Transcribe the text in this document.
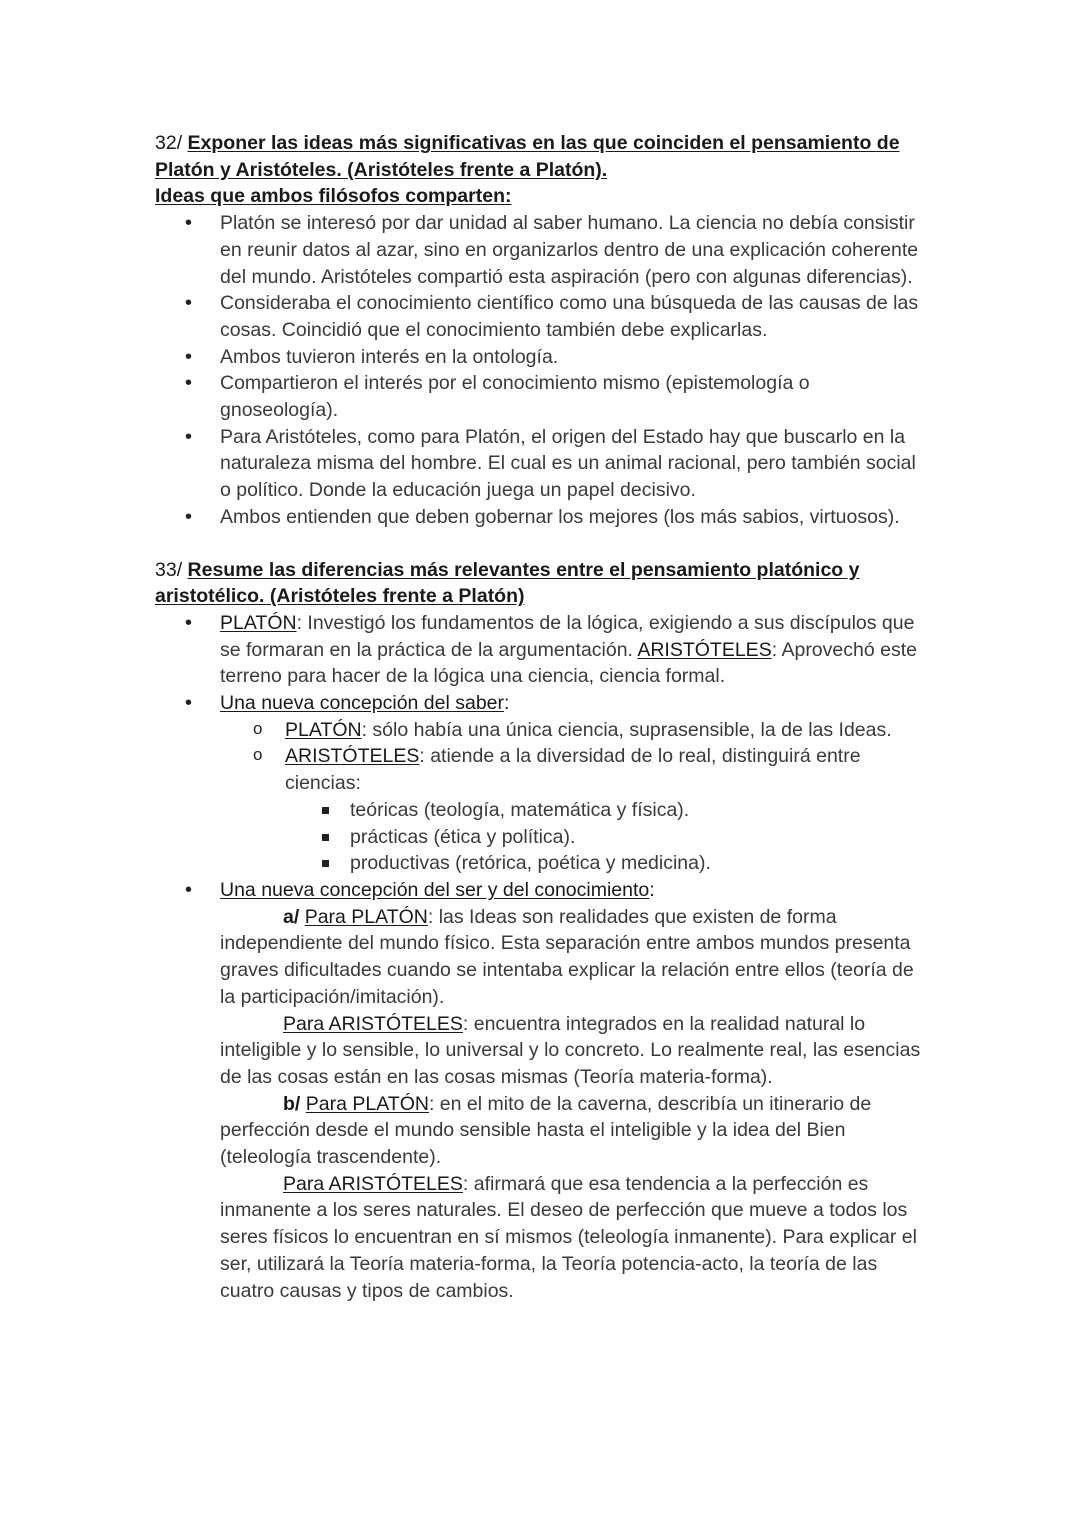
32/ Exponer las ideas más significativas en las que coinciden el pensamiento de Platón y Aristóteles. (Aristóteles frente a Platón).

Ideas que ambos filósofos comparten:

• Platón se interesó por dar unidad al saber humano. La ciencia no debía consistir en reunir datos al azar, sino en organizarlos dentro de una explicación coherente del mundo. Aristóteles compartió esta aspiración (pero con algunas diferencias).
• Consideraba el conocimiento científico como una búsqueda de las causas de las cosas. Coincidió que el conocimiento también debe explicarlas.
• Ambos tuvieron interés en la ontología.
• Compartieron el interés por el conocimiento mismo (epistemología o gnoseología).
• Para Aristóteles, como para Platón, el origen del Estado hay que buscarlo en la naturaleza misma del hombre. El cual es un animal racional, pero también social o político. Donde la educación juega un papel decisivo.
• Ambos entienden que deben gobernar los mejores (los más sabios, virtuosos).

33/ Resume las diferencias más relevantes entre el pensamiento platónico y aristotélico. (Aristóteles frente a Platón)

• PLATÓN: Investigó los fundamentos de la lógica, exigiendo a sus discípulos que se formaran en la práctica de la argumentación. ARISTÓTELES: Aprovechó este terreno para hacer de la lógica una ciencia, ciencia formal.
• Una nueva concepción del saber:
o PLATÓN: sólo había una única ciencia, suprasensible, la de las Ideas.
o ARISTÓTELES: atiende a la diversidad de lo real, distinguirá entre ciencias:
teóricas (teología, matemática y física).
prácticas (ética y política).
productivas (retórica, poética y medicina).
• Una nueva concepción del ser y del conocimiento:

a/ Para PLATÓN: las Ideas son realidades que existen de forma independiente del mundo físico. Esta separación entre ambos mundos presenta graves dificultades cuando se intentaba explicar la relación entre ellos (teoría de la participación/imitación).

Para ARISTÓTELES: encuentra integrados en la realidad natural lo inteligible y lo sensible, lo universal y lo concreto. Lo realmente real, las esencias de las cosas están en las cosas mismas (Teoría materia-forma).

b/ Para PLATÓN: en el mito de la caverna, describía un itinerario de perfección desde el mundo sensible hasta el inteligible y la idea del Bien (teleología trascendente).

Para ARISTÓTELES: afirmará que esa tendencia a la perfección es inmanente a los seres naturales. El deseo de perfección que mueve a todos los seres físicos lo encuentran en sí mismos (teleología inmanente). Para explicar el ser, utilizará la Teoría materia-forma, la Teoría potencia-acto, la teoría de las cuatro causas y tipos de cambios.
